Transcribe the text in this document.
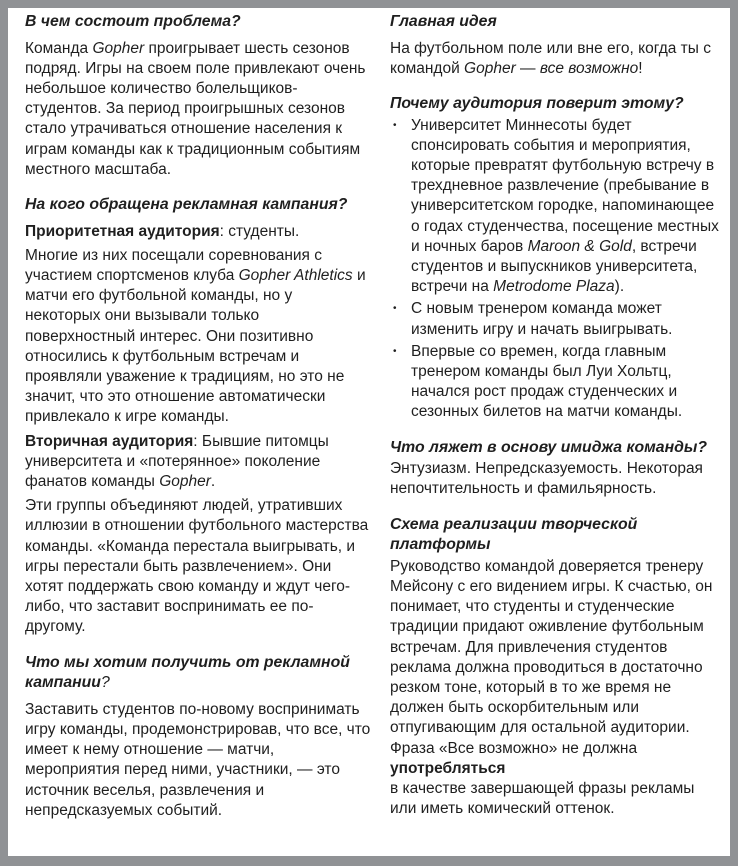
В чем состоит проблема?

Команда Gopher проигрывает шесть сезонов подряд. Игры на своем поле привлекают очень небольшое количество болельщиков-студентов. За период проигрышных сезонов стало утрачиваться отношение населения к играм команды как к традиционным событиям местного масштаба.

На кого обращена рекламная кампания?

Приоритетная аудитория: студенты.

Многие из них посещали соревнования с участием спортсменов клуба Gopher Athletics и матчи его футбольной команды, но у некоторых они вызывали только поверхностный интерес. Они позитивно относились к футбольным встречам и проявляли уважение к традициям, но это не значит, что это отношение автоматически привлекало к игре команды.

Вторичная аудитория: Бывшие питомцы университета и «потерянное» поколение фанатов команды Gopher.

Эти группы объединяют людей, утративших иллюзии в отношении футбольного мастерства команды. «Команда перестала выигрывать, и игры перестали быть развлечением». Они хотят поддержать свою команду и ждут чего-либо, что заставит воспринимать ее по-другому.

Что мы хотим получить от рекламной кампании?

Заставить студентов по-новому воспринимать игру команды, продемонстрировав, что все, что имеет к нему отношение — матчи, мероприятия перед ними, участники, — это источник веселья, развлечения и непредсказуемых событий.

Главная идея

На футбольном поле или вне его, когда ты с командой Gopher — все возможно!

Почему аудитория поверит этому?
• Университет Миннесоты будет спонсировать события и мероприятия, которые превратят футбольную встречу в трехдневное развлечение (пребывание в университетском городке, напоминающее о годах студенчества, посещение местных и ночных баров Maroon & Gold, встречи студентов и выпускников университета, встречи на Metrodome Plaza).
• С новым тренером команда может изменить игру и начать выигрывать.
• Впервые со времен, когда главным тренером команды был Луи Хольтц, начался рост продаж студенческих и сезонных билетов на матчи команды.
Что ляжет в основу имиджа команды?

Энтузиазм. Непредсказуемость. Некоторая непочтительность и фамильярность.

Схема реализации творческой платформы

Руководство командой доверяется тренеру Мейсону с его видением игры. К счастью, он понимает, что студенты и студенческие традиции придают оживление футбольным встречам. Для привлечения студентов реклама должна проводиться в достаточно резком тоне, который в то же время не должен быть оскорбительным или отпугивающим для остальной аудитории. Фраза «Все возможно» не должна употребляться
в качестве завершающей фразы рекламы или иметь комический оттенок.
